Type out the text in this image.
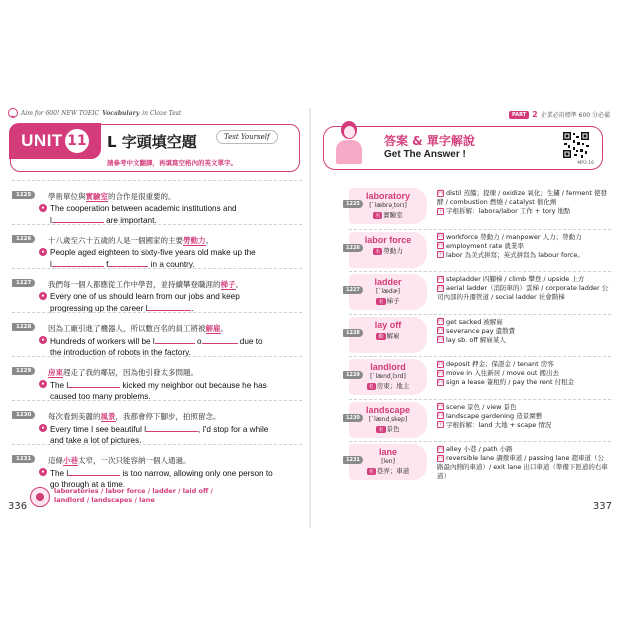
Aim for 600! NEW TOEIC Vocabulary in Cloze Test
UNIT 11 L 字頭填空題	Test Yourself
請參考中文翻譯，再填寫空格內的英文單字。
1225	學術單位與實驗室的合作是很重要的。
● The cooperation between academic institutions and
l	are important.
1226	十八歲至六十五歲的人是一個國家的主要勞動力。
● People aged eighteen to sixty-five years old make up the
l	f	in a country.
1227	我們每一個人都應從工作中學習，並持續攀登職涯的梯子。
● Every one of us should learn from our jobs and keep
progressing up the career l	.
1228	因為工廠引進了機器人，所以數百名的員工將被解雇。
● Hundreds of workers will be l	o	due to
the introduction of robots in the factory.
1229	房東趕走了我的鄰居，因為他引發太多問題。
● The l	kicked my neighbor out because he has
caused too many problems.
1230	每次看到美麗的風景，我都會停下腳步，拍照留念。
● Every time I see beautiful l	, I'd stop for a while
and take a lot of pictures.
1231	這條小巷太窄，一次只能容納一個人通過。
● The l	is too narrow, allowing only one person to
go through at a time.
laboratories / labor force / ladder / laid off / landlord / landscapes / lane
336
PART 2 企業必用標準 600 分必備
答案 & 單字解說
Get The Answer !
MP3 16
1225
laboratory
[ˋlæbrə͵torɪ]
名 實驗室
同 distil 蒸餾；提煉 / oxidize 氧化；生鏽 / ferment 使發酵 / combustion 燃燒 / catalyst 催化劑
字 字根拆解：labora/labor 工作 + tory 地點
1226
labor force
名 勞動力
同 workforce 勞動力 / manpower 人力；勞動力
同 employment rate 就業率
字 labor 為美式拼寫；英式拼寫為 labour force。
1227
ladder
[ˋlædɚ]
名 梯子
同 stepladder 四腳梯 / climb 攀登 / upside 上方
同 aerial ladder（消防車的）雲梯 / corporate ladder 公司內部的升遷管道 / social ladder 社會階梯
1228
lay off
動 解雇
同 get sacked 被解雇
同 severance pay 遣散費
同 lay sb. off 解雇某人
1229
landlord
[ˋlænd͵lɔrd]
名 房東；地主
同 deposit 押金；保證金 / tenant 房客
同 move in 入住新居 / move out 搬出去
同 sign a lease 簽租約 / pay the rent 付租金
1230
landscape
[ˋlænd͵skep]
名 景色
同 scene 景色 / view 景色
同 landscape gardening 造景園藝
字 字根拆解：land 大地 + scape 情況
1231
lane
[len]
名 巷弄；車道
同 alley 小巷 / path 小路
同 reversible lane 調撥車道 / passing lane 超車道（公路最內側的車道）/ exit lane 出口車道（準備下匝道的右車道）
337
